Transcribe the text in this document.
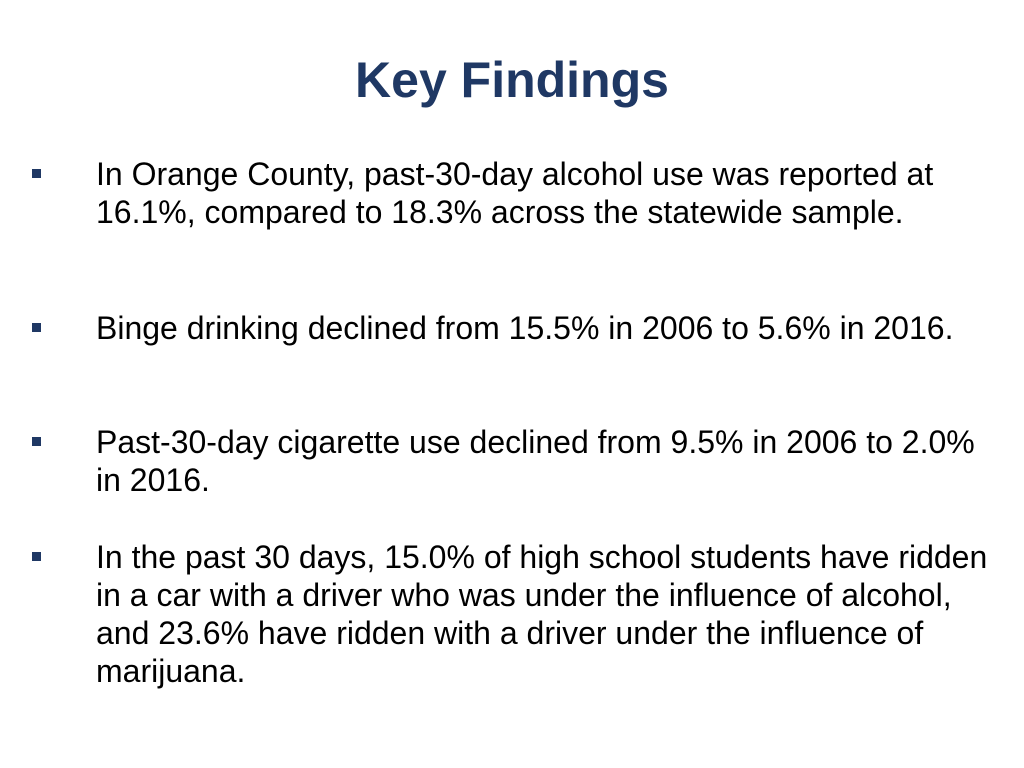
Key Findings
In Orange County, past-30-day alcohol use was reported at 16.1%, compared to 18.3% across the statewide sample.
Binge drinking declined from 15.5% in 2006 to 5.6% in 2016.
Past-30-day cigarette use declined from 9.5% in 2006 to 2.0% in 2016.
In the past 30 days, 15.0% of high school students have ridden in a car with a driver who was under the influence of alcohol, and 23.6% have ridden with a driver under the influence of marijuana.
